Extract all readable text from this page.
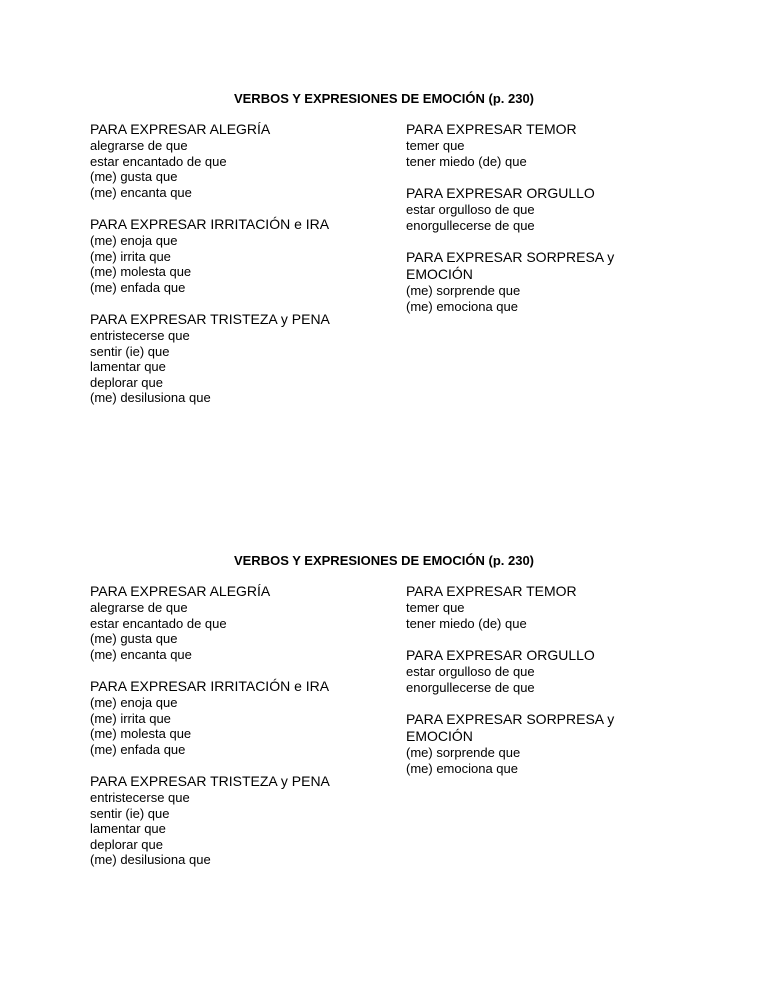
VERBOS Y EXPRESIONES DE EMOCIÓN (p. 230)

PARA EXPRESAR ALEGRÍA

alegrarse de que

estar encantado de que

(me) gusta que

(me) encanta que

PARA EXPRESAR IRRITACIÓN e IRA

(me) enoja que

(me) irrita que

(me) molesta que

(me) enfada que

PARA EXPRESAR TRISTEZA y PENA

entristecerse que

sentir (ie) que

lamentar que

deplorar que

(me) desilusiona que

PARA EXPRESAR TEMOR

temer que

tener miedo (de) que

PARA EXPRESAR ORGULLO

estar orgulloso de que

enorgullecerse de que

PARA EXPRESAR SORPRESA y EMOCIÓN

(me) sorprende que

(me) emociona que

VERBOS Y EXPRESIONES DE EMOCIÓN (p. 230)

PARA EXPRESAR ALEGRÍA

alegrarse de que

estar encantado de que

(me) gusta que

(me) encanta que

PARA EXPRESAR IRRITACIÓN e IRA

(me) enoja que

(me) irrita que

(me) molesta que

(me) enfada que

PARA EXPRESAR TRISTEZA y PENA

entristecerse que

sentir (ie) que

lamentar que

deplorar que

(me) desilusiona que

PARA EXPRESAR TEMOR

temer que

tener miedo (de) que

PARA EXPRESAR ORGULLO

estar orgulloso de que

enorgullecerse de que

PARA EXPRESAR SORPRESA y EMOCIÓN

(me) sorprende que

(me) emociona que
